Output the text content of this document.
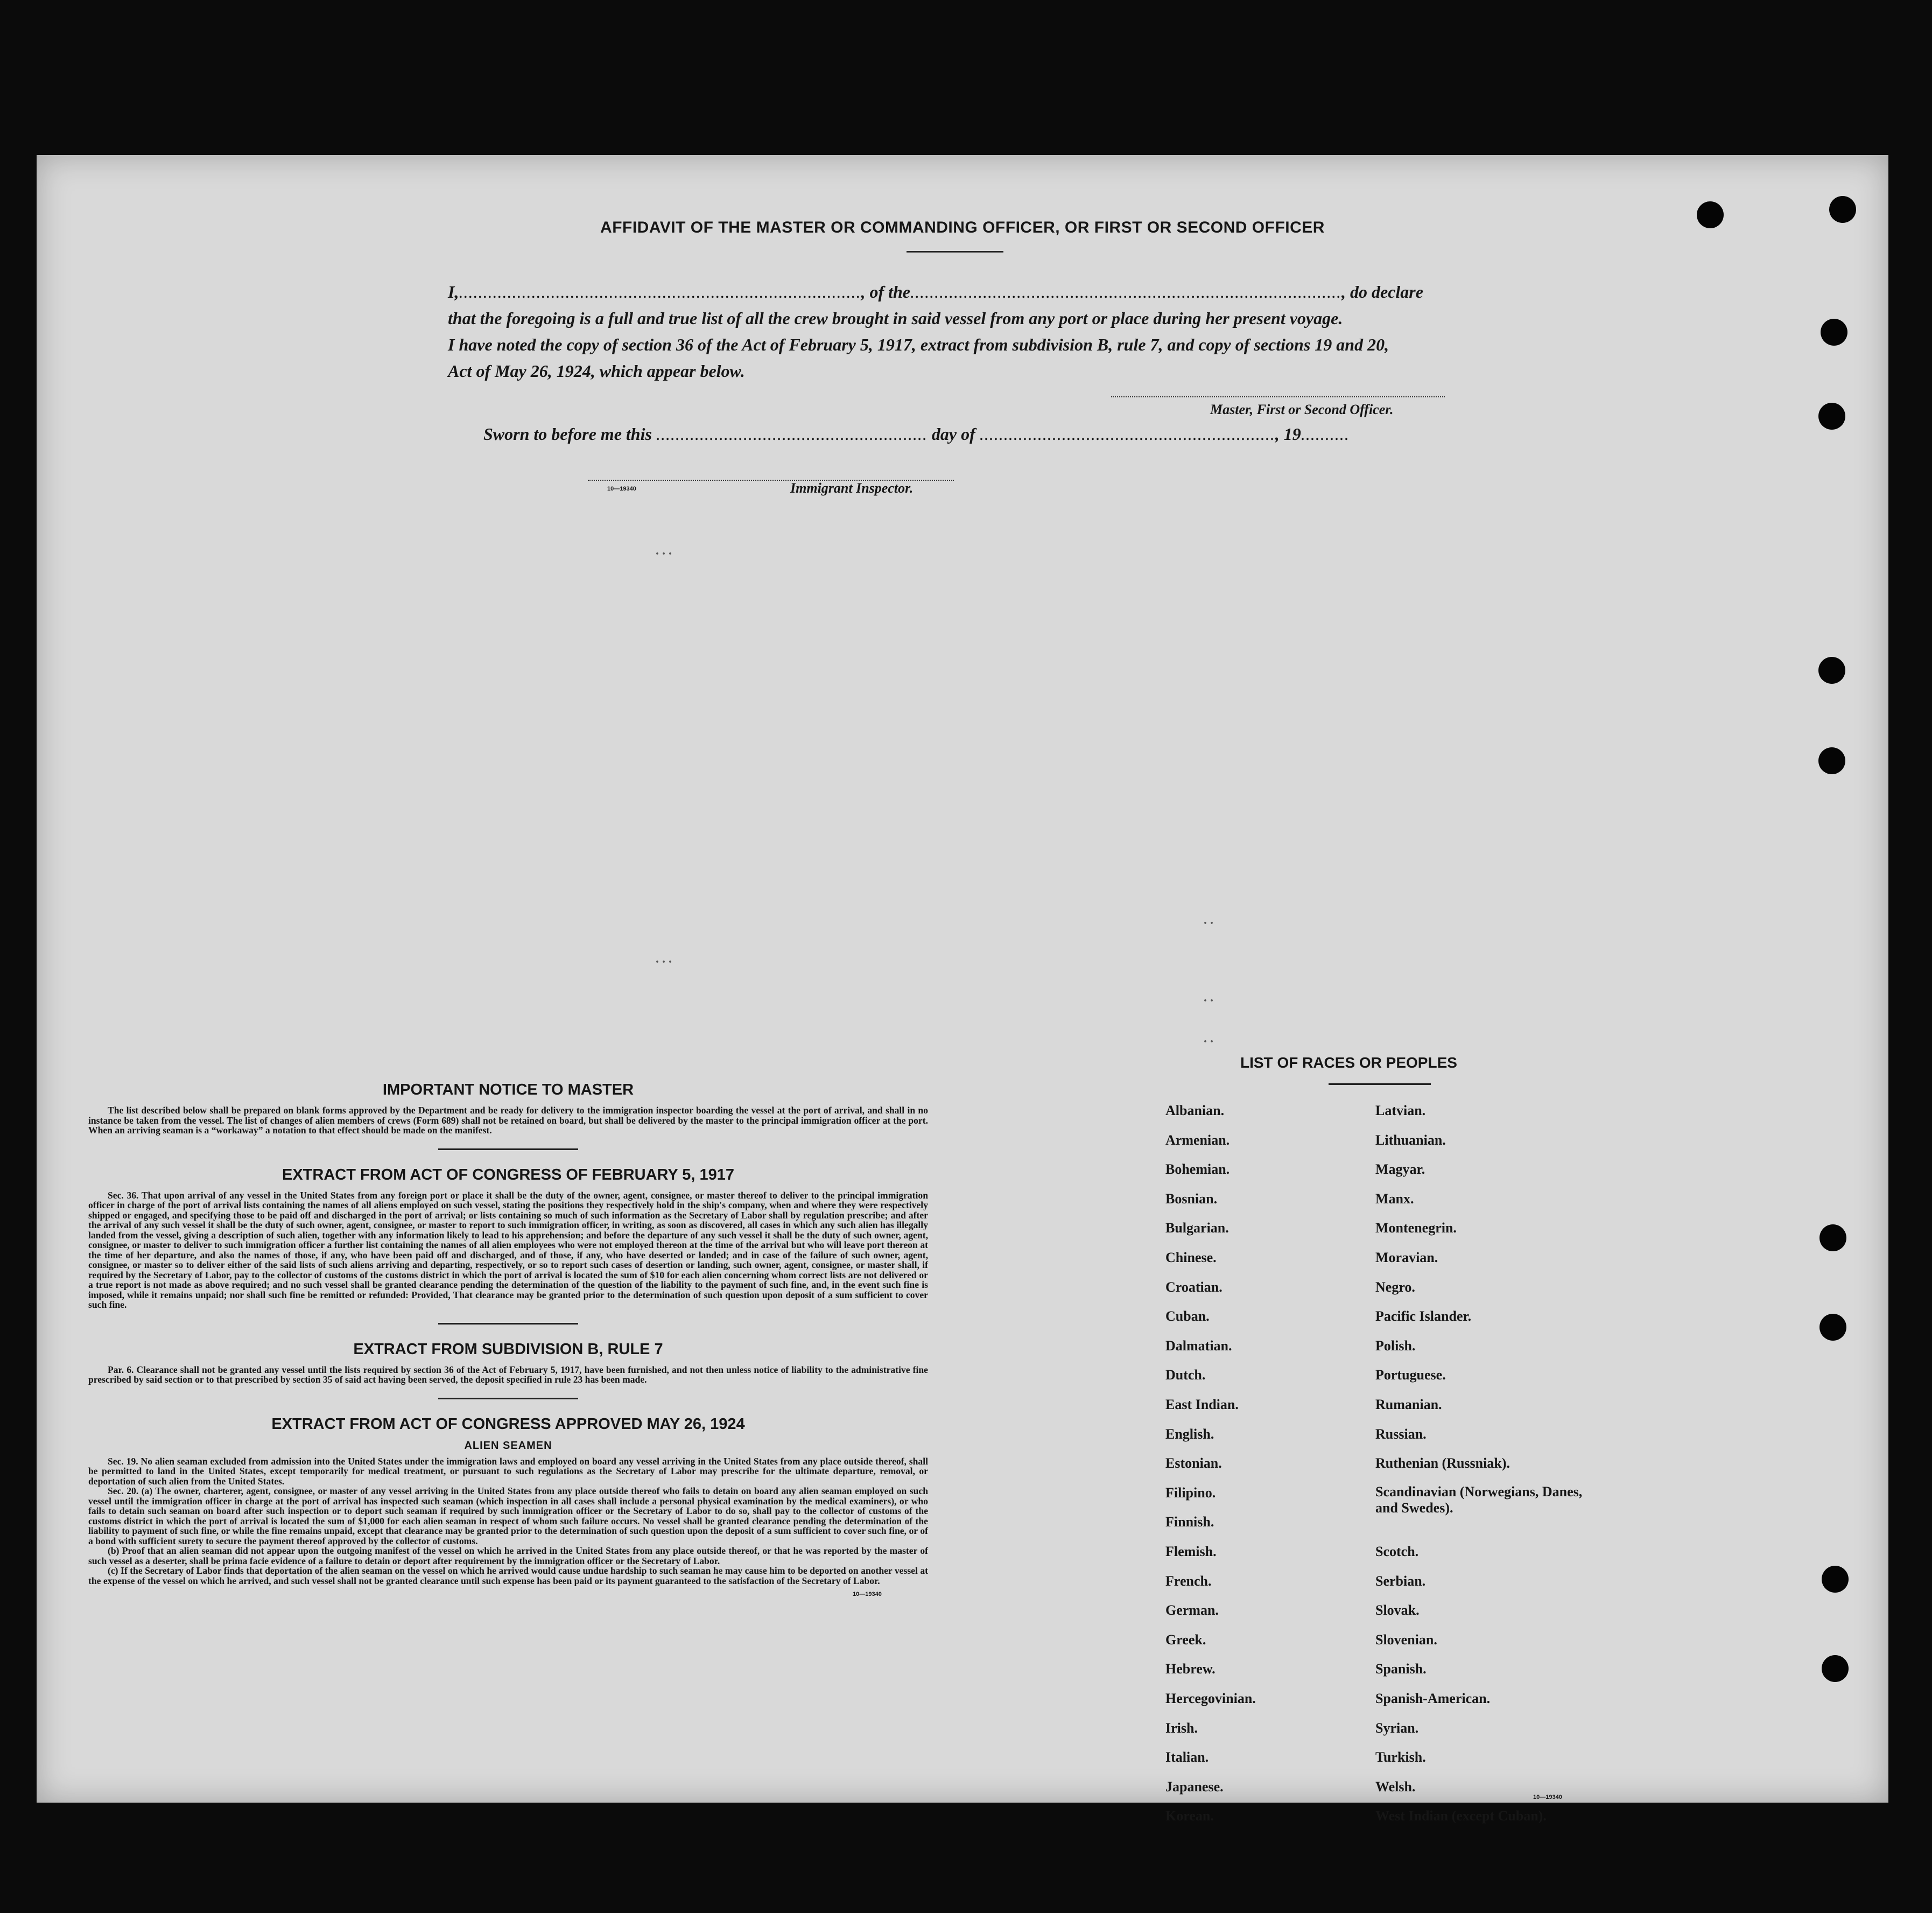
AFFIDAVIT OF THE MASTER OR COMMANDING OFFICER, OR FIRST OR SECOND OFFICER

I,..................................................................................., of the........................................................................................., do declare

that the foregoing is a full and true list of all the crew brought in said vessel from any port or place during her present voyage.

I have noted the copy of section 36 of the Act of February 5, 1917, extract from subdivision B, rule 7, and copy of sections 19 and 20,

Act of May 26, 1924, which appear below.

Master, First or Second Officer.
Sworn to before me this ........................................................ day of ............................................................., 19..........
10—19340	Immigrant Inspector.
. . .
. . .
. .
. .
. .
IMPORTANT NOTICE TO MASTER

The list described below shall be prepared on blank forms approved by the Department and be ready for delivery to the immigration inspector boarding the vessel at the port of arrival, and shall in no instance be taken from the vessel. The list of changes of alien members of crews (Form 689) shall not be retained on board, but shall be delivered by the master to the principal immigration officer at the port. When an arriving seaman is a “workaway” a notation to that effect should be made on the manifest.

EXTRACT FROM ACT OF CONGRESS OF FEBRUARY 5, 1917

Sec. 36. That upon arrival of any vessel in the United States from any foreign port or place it shall be the duty of the owner, agent, consignee, or master thereof to deliver to the principal immigration officer in charge of the port of arrival lists containing the names of all aliens employed on such vessel, stating the positions they respectively hold in the ship's company, when and where they were respectively shipped or engaged, and specifying those to be paid off and discharged in the port of arrival; or lists containing so much of such information as the Secretary of Labor shall by regulation prescribe; and after the arrival of any such vessel it shall be the duty of such owner, agent, consignee, or master to report to such immigration officer, in writing, as soon as discovered, all cases in which any such alien has illegally landed from the vessel, giving a description of such alien, together with any information likely to lead to his apprehension; and before the departure of any such vessel it shall be the duty of such owner, agent, consignee, or master to deliver to such immigration officer a further list containing the names of all alien employees who were not employed thereon at the time of the arrival but who will leave port thereon at the time of her departure, and also the names of those, if any, who have been paid off and discharged, and of those, if any, who have deserted or landed; and in case of the failure of such owner, agent, consignee, or master so to deliver either of the said lists of such aliens arriving and departing, respectively, or so to report such cases of desertion or landing, such owner, agent, consignee, or master shall, if required by the Secretary of Labor, pay to the collector of customs of the customs district in which the port of arrival is located the sum of $10 for each alien concerning whom correct lists are not delivered or a true report is not made as above required; and no such vessel shall be granted clearance pending the determination of the question of the liability to the payment of such fine, and, in the event such fine is imposed, while it remains unpaid; nor shall such fine be remitted or refunded: Provided, That clearance may be granted prior to the determination of such question upon deposit of a sum sufficient to cover such fine.

EXTRACT FROM SUBDIVISION B, RULE 7

Par. 6. Clearance shall not be granted any vessel until the lists required by section 36 of the Act of February 5, 1917, have been furnished, and not then unless notice of liability to the administrative fine prescribed by said section or to that prescribed by section 35 of said act having been served, the deposit specified in rule 23 has been made.

EXTRACT FROM ACT OF CONGRESS APPROVED MAY 26, 1924
ALIEN SEAMEN

Sec. 19. No alien seaman excluded from admission into the United States under the immigration laws and employed on board any vessel arriving in the United States from any place outside thereof, shall be permitted to land in the United States, except temporarily for medical treatment, or pursuant to such regulations as the Secretary of Labor may prescribe for the ultimate departure, removal, or deportation of such alien from the United States.

Sec. 20. (a) The owner, charterer, agent, consignee, or master of any vessel arriving in the United States from any place outside thereof who fails to detain on board any alien seaman employed on such vessel until the immigration officer in charge at the port of arrival has inspected such seaman (which inspection in all cases shall include a personal physical examination by the medical examiners), or who fails to detain such seaman on board after such inspection or to deport such seaman if required by such immigration officer or the Secretary of Labor to do so, shall pay to the collector of customs of the customs district in which the port of arrival is located the sum of $1,000 for each alien seaman in respect of whom such failure occurs. No vessel shall be granted clearance pending the determination of the liability to payment of such fine, or while the fine remains unpaid, except that clearance may be granted prior to the determination of such question upon the deposit of a sum sufficient to cover such fine, or of a bond with sufficient surety to secure the payment thereof approved by the collector of customs.

(b) Proof that an alien seaman did not appear upon the outgoing manifest of the vessel on which he arrived in the United States from any place outside thereof, or that he was reported by the master of such vessel as a deserter, shall be prima facie evidence of a failure to detain or deport after requirement by the immigration officer or the Secretary of Labor.

(c) If the Secretary of Labor finds that deportation of the alien seaman on the vessel on which he arrived would cause undue hardship to such seaman he may cause him to be deported on another vessel at the expense of the vessel on which he arrived, and such vessel shall not be granted clearance until such expense has been paid or its payment guaranteed to the satisfaction of the Secretary of Labor.

10—19340
LIST OF RACES OR PEOPLES
Albanian.
Armenian.
Bohemian.
Bosnian.
Bulgarian.
Chinese.
Croatian.
Cuban.
Dalmatian.
Dutch.
East Indian.
English.
Estonian.
Filipino.
Finnish.
Flemish.
French.
German.
Greek.
Hebrew.
Hercegovinian.
Irish.
Italian.
Japanese.
Korean.
Latvian.
Lithuanian.
Magyar.
Manx.
Montenegrin.
Moravian.
Negro.
Pacific Islander.
Polish.
Portuguese.
Rumanian.
Russian.
Ruthenian (Russniak).
Scandinavian (Norwegians, Danes, and Swedes).
Scotch.
Serbian.
Slovak.
Slovenian.
Spanish.
Spanish-American.
Syrian.
Turkish.
Welsh.
West Indian (except Cuban).
10—19340
